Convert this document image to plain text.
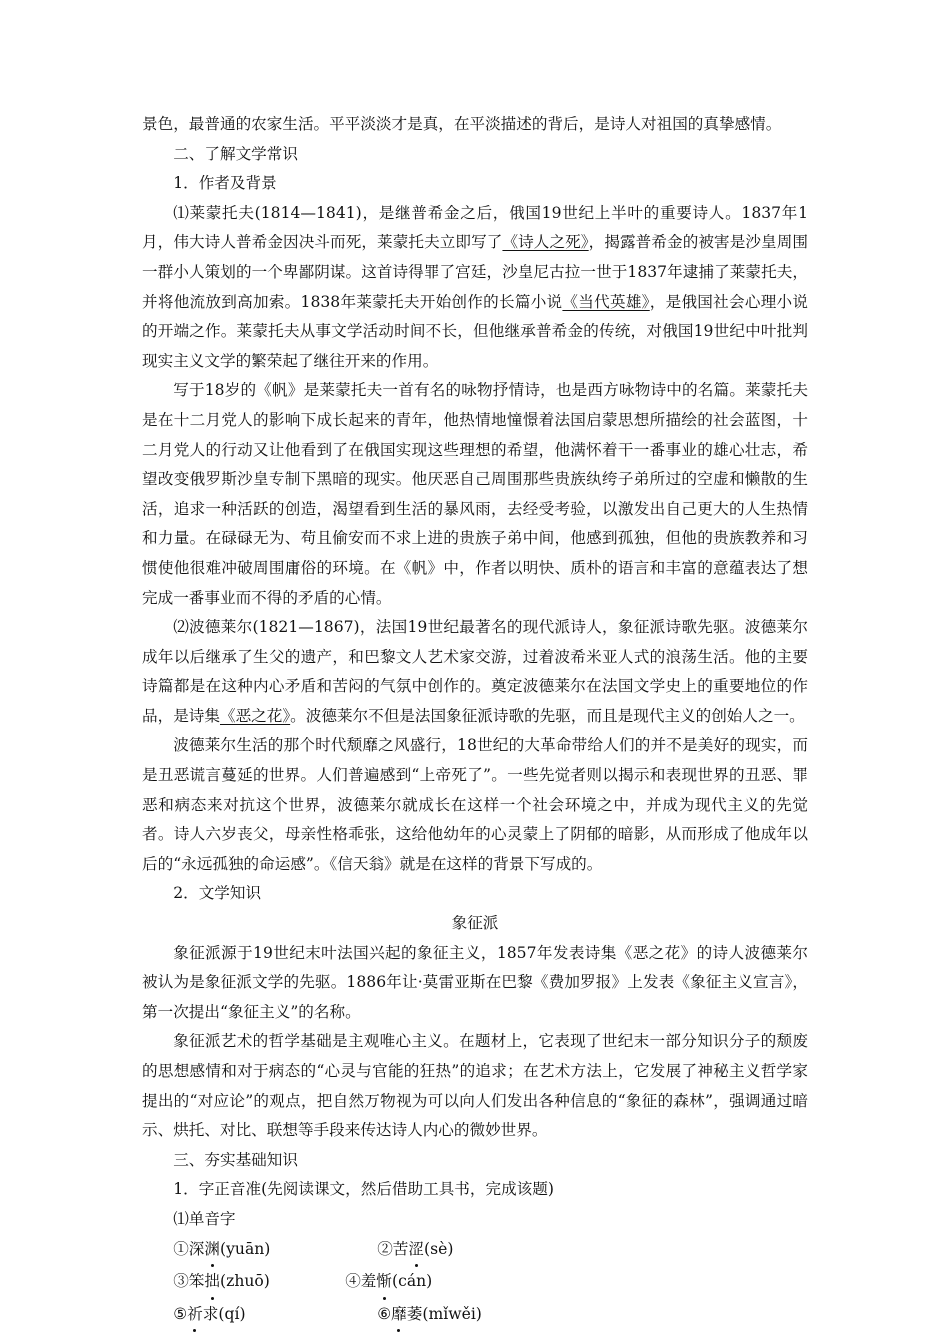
景色，最普通的农家生活。平平淡淡才是真，在平淡描述的背后，是诗人对祖国的真挚感情。

二、了解文学常识

1．作者及背景

⑴莱蒙托夫(1814—1841)，是继普希金之后，俄国19世纪上半叶的重要诗人。1837年1月，伟大诗人普希金因决斗而死，莱蒙托夫立即写了《诗人之死》，揭露普希金的被害是沙皇周围一群小人策划的一个卑鄙阴谋。这首诗得罪了宫廷，沙皇尼古拉一世于1837年逮捕了莱蒙托夫，并将他流放到高加索。1838年莱蒙托夫开始创作的长篇小说《当代英雄》，是俄国社会心理小说的开端之作。莱蒙托夫从事文学活动时间不长，但他继承普希金的传统，对俄国19世纪中叶批判现实主义文学的繁荣起了继往开来的作用。

写于18岁的《帆》是莱蒙托夫一首有名的咏物抒情诗，也是西方咏物诗中的名篇。莱蒙托夫是在十二月党人的影响下成长起来的青年，他热情地憧憬着法国启蒙思想所描绘的社会蓝图，十二月党人的行动又让他看到了在俄国实现这些理想的希望，他满怀着干一番事业的雄心壮志，希望改变俄罗斯沙皇专制下黑暗的现实。他厌恶自己周围那些贵族纨绔子弟所过的空虚和懒散的生活，追求一种活跃的创造，渴望看到生活的暴风雨，去经受考验，以激发出自己更大的人生热情和力量。在碌碌无为、苟且偷安而不求上进的贵族子弟中间，他感到孤独，但他的贵族教养和习惯使他很难冲破周围庸俗的环境。在《帆》中，作者以明快、质朴的语言和丰富的意蕴表达了想完成一番事业而不得的矛盾的心情。

⑵波德莱尔(1821—1867)，法国19世纪最著名的现代派诗人，象征派诗歌先驱。波德莱尔成年以后继承了生父的遗产，和巴黎文人艺术家交游，过着波希米亚人式的浪荡生活。他的主要诗篇都是在这种内心矛盾和苦闷的气氛中创作的。奠定波德莱尔在法国文学史上的重要地位的作品，是诗集《恶之花》。波德莱尔不但是法国象征派诗歌的先驱，而且是现代主义的创始人之一。

波德莱尔生活的那个时代颓靡之风盛行，18世纪的大革命带给人们的并不是美好的现实，而是丑恶谎言蔓延的世界。人们普遍感到“上帝死了”。一些先觉者则以揭示和表现世界的丑恶、罪恶和病态来对抗这个世界，波德莱尔就成长在这样一个社会环境之中，并成为现代主义的先觉者。诗人六岁丧父，母亲性格乖张，这给他幼年的心灵蒙上了阴郁的暗影，从而形成了他成年以后的“永远孤独的命运感”。《信天翁》就是在这样的背景下写成的。

2．文学知识

象征派

象征派源于19世纪末叶法国兴起的象征主义，1857年发表诗集《恶之花》的诗人波德莱尔被认为是象征派文学的先驱。1886年让·莫雷亚斯在巴黎《费加罗报》上发表《象征主义宣言》，第一次提出“象征主义”的名称。

象征派艺术的哲学基础是主观唯心主义。在题材上，它表现了世纪末一部分知识分子的颓废的思想感情和对于病态的“心灵与官能的狂热”的追求；在艺术方法上，它发展了神秘主义哲学家提出的“对应论”的观点，把自然万物视为可以向人们发出各种信息的“象征的森林”，强调通过暗示、烘托、对比、联想等手段来传达诗人内心的微妙世界。

三、夯实基础知识

1．字正音准(先阅读课文，然后借助工具书，完成该题)

⑴单音字

①深渊(yuān)	②苦涩(sè)
③笨拙(zhuō)	④羞惭(cán)
⑤祈求(qí)	⑥靡萎(mǐwěi)
